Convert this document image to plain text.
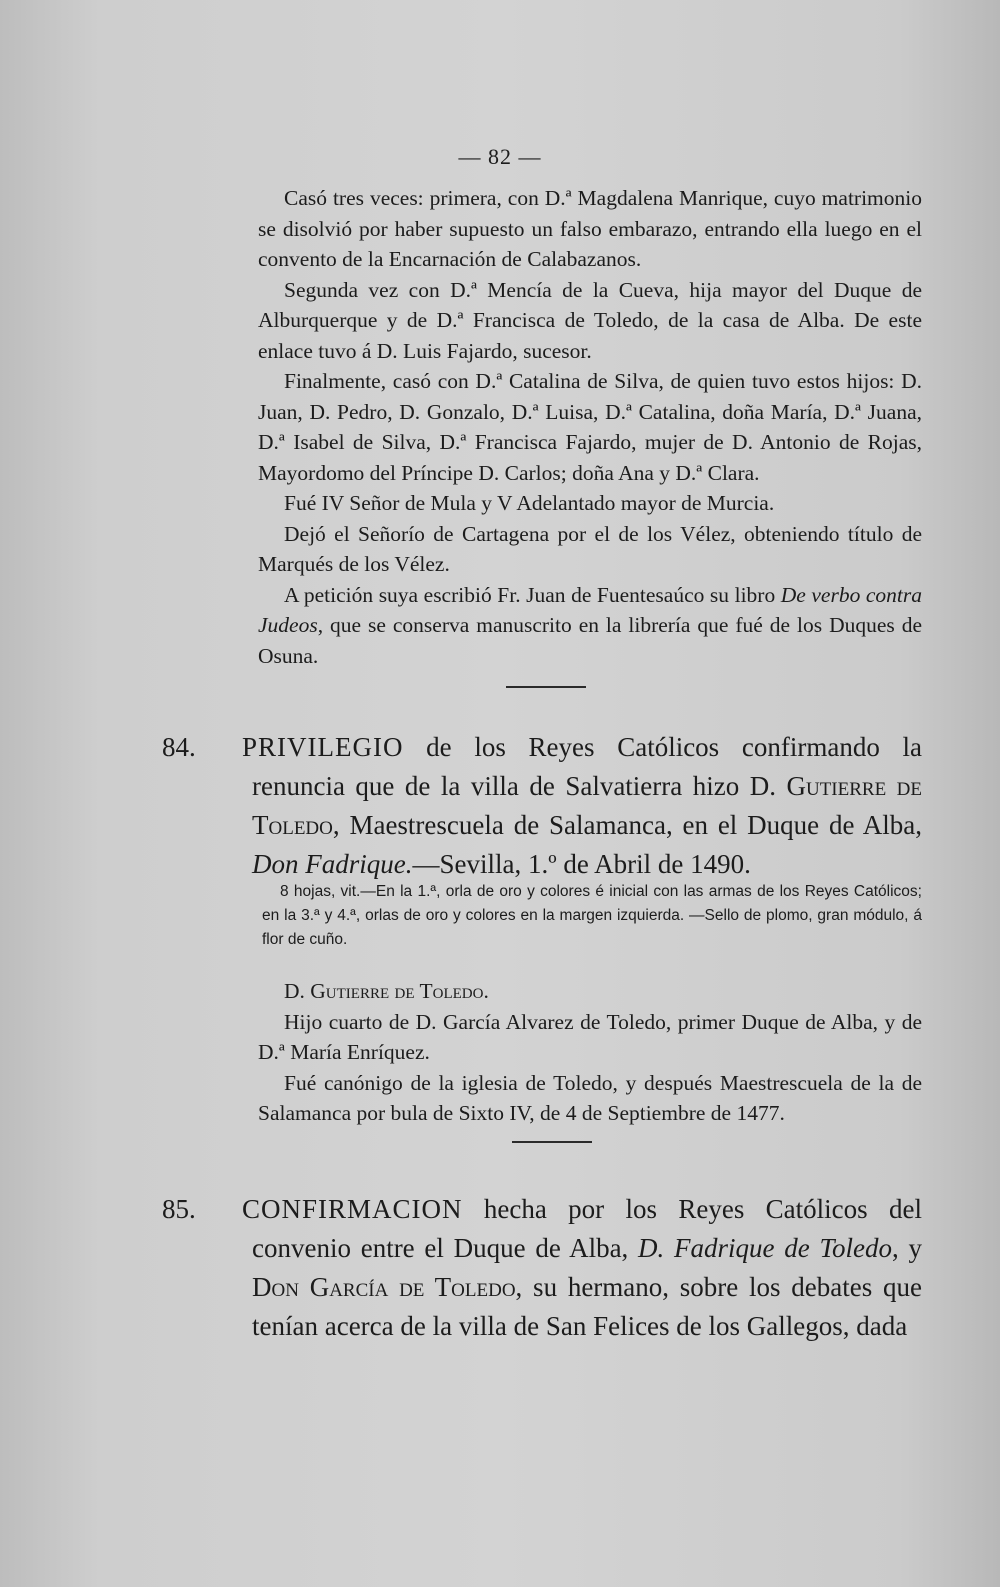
— 82 —

Casó tres veces: primera, con D.ª Magdalena Manrique, cuyo matrimonio se disolvió por haber supuesto un falso embarazo, entrando ella luego en el convento de la Encarnación de Calabazanos.

Segunda vez con D.ª Mencía de la Cueva, hija mayor del Duque de Alburquerque y de D.ª Francisca de Toledo, de la casa de Alba. De este enlace tuvo á D. Luis Fajardo, sucesor.

Finalmente, casó con D.ª Catalina de Silva, de quien tuvo estos hijos: D. Juan, D. Pedro, D. Gonzalo, D.ª Luisa, D.ª Catalina, doña María, D.ª Juana, D.ª Isabel de Silva, D.ª Francisca Fajardo, mujer de D. Antonio de Rojas, Mayordomo del Príncipe D. Carlos; doña Ana y D.ª Clara.

Fué IV Señor de Mula y V Adelantado mayor de Murcia.

Dejó el Señorío de Cartagena por el de los Vélez, obteniendo título de Marqués de los Vélez.

A petición suya escribió Fr. Juan de Fuentesaúco su libro De verbo contra Judeos, que se conserva manuscrito en la librería que fué de los Duques de Osuna.

84. PRIVILEGIO de los Reyes Católicos confirmando la renuncia que de la villa de Salvatierra hizo D. Gutierre de Toledo, Maestrescuela de Salamanca, en el Duque de Alba, Don Fadrique.—Sevilla, 1.º de Abril de 1490.

8 hojas, vit.—En la 1.ª, orla de oro y colores é inicial con las armas de los Reyes Católicos; en la 3.ª y 4.ª, orlas de oro y colores en la margen izquierda. —Sello de plomo, gran módulo, á flor de cuño.

D. Gutierre de Toledo.

Hijo cuarto de D. García Alvarez de Toledo, primer Duque de Alba, y de D.ª María Enríquez.

Fué canónigo de la iglesia de Toledo, y después Maestrescuela de la de Salamanca por bula de Sixto IV, de 4 de Septiembre de 1477.

85. CONFIRMACION hecha por los Reyes Católicos del convenio entre el Duque de Alba, D. Fadrique de Toledo, y Don García de Toledo, su hermano, sobre los debates que tenían acerca de la villa de San Felices de los Gallegos, dada
